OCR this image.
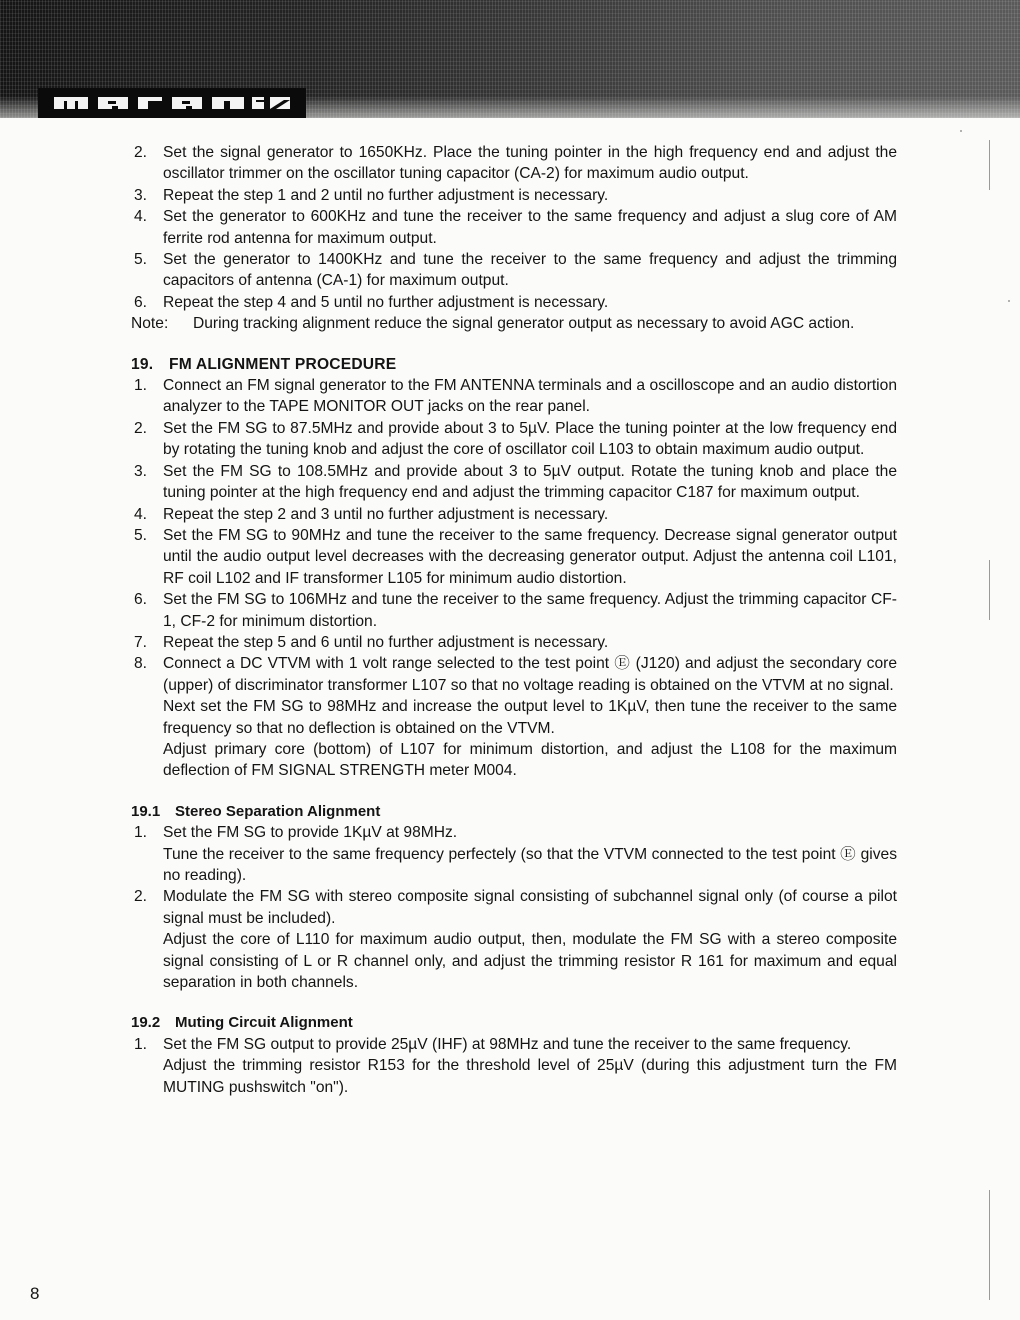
2. Set the signal generator to 1650KHz. Place the tuning pointer in the high frequency end and adjust the oscillator trimmer on the oscillator tuning capacitor (CA-2) for maximum audio output.

3. Repeat the step 1 and 2 until no further adjustment is necessary.

4. Set the generator to 600KHz and tune the receiver to the same frequency and adjust a slug core of AM ferrite rod antenna for maximum output.

5. Set the generator to 1400KHz and tune the receiver to the same frequency and adjust the trimming capacitors of antenna (CA-1) for maximum output.

6. Repeat the step 4 and 5 until no further adjustment is necessary.

Note: During tracking alignment reduce the signal generator output as necessary to avoid AGC action.

19. FM ALIGNMENT PROCEDURE

1. Connect an FM signal generator to the FM ANTENNA terminals and a oscilloscope and an audio distortion analyzer to the TAPE MONITOR OUT jacks on the rear panel.

2. Set the FM SG to 87.5MHz and provide about 3 to 5µV. Place the tuning pointer at the low frequency end by rotating the tuning knob and adjust the core of oscillator coil L103 to obtain maximum audio output.

3. Set the FM SG to 108.5MHz and provide about 3 to 5µV output. Rotate the tuning knob and place the tuning pointer at the high frequency end and adjust the trimming capacitor C187 for maximum output.

4. Repeat the step 2 and 3 until no further adjustment is necessary.

5. Set the FM SG to 90MHz and tune the receiver to the same frequency. Decrease signal generator output until the audio output level decreases with the decreasing generator output. Adjust the antenna coil L101, RF coil L102 and IF transformer L105 for minimum audio distortion.

6. Set the FM SG to 106MHz and tune the receiver to the same frequency. Adjust the trimming capacitor CF-1, CF-2 for minimum distortion.

7. Repeat the step 5 and 6 until no further adjustment is necessary.

8. Connect a DC VTVM with 1 volt range selected to the test point Ⓔ (J120) and adjust the secondary core (upper) of discriminator transformer L107 so that no voltage reading is obtained on the VTVM at no signal.

Next set the FM SG to 98MHz and increase the output level to 1KµV, then tune the receiver to the same frequency so that no deflection is obtained on the VTVM.

Adjust primary core (bottom) of L107 for minimum distortion, and adjust the L108 for the maximum deflection of FM SIGNAL STRENGTH meter M004.

19.1 Stereo Separation Alignment

1. Set the FM SG to provide 1KµV at 98MHz.

Tune the receiver to the same frequency perfectely (so that the VTVM connected to the test point Ⓔ gives no reading).

2. Modulate the FM SG with stereo composite signal consisting of subchannel signal only (of course a pilot signal must be included).

Adjust the core of L110 for maximum audio output, then, modulate the FM SG with a stereo composite signal consisting of L or R channel only, and adjust the trimming resistor R 161 for maximum and equal separation in both channels.

19.2 Muting Circuit Alignment

1. Set the FM SG output to provide 25µV (IHF) at 98MHz and tune the receiver to the same frequency.

Adjust the trimming resistor R153 for the threshold level of 25µV (during this adjustment turn the FM MUTING pushswitch "on").

8
